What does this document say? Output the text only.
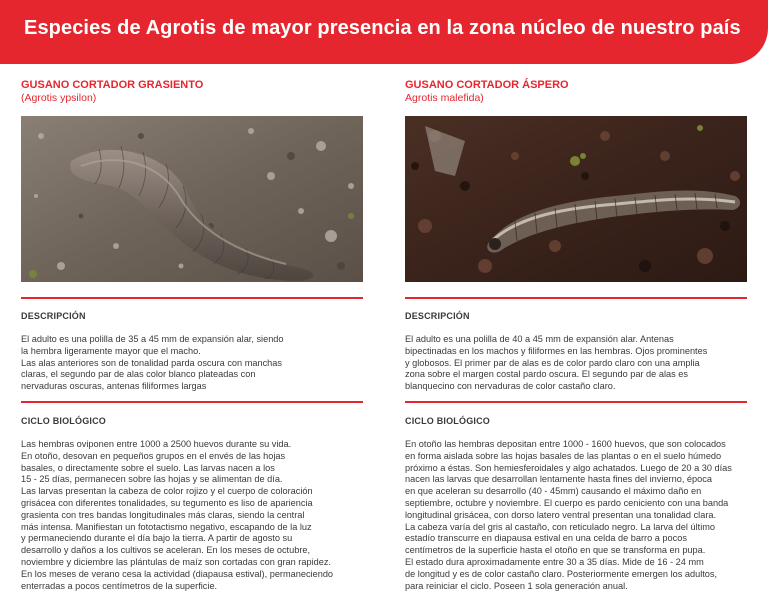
Especies de Agrotis de mayor presencia en la zona núcleo de nuestro país
GUSANO CORTADOR GRASIENTO
(Agrotis ypsilon)
DESCRIPCIÓN
El adulto es una polilla de 35 a 45 mm de expansión alar, siendo
la hembra ligeramente mayor que el macho.
Las alas anteriores son de tonalidad parda oscura con manchas
claras, el segundo par de alas color blanco plateadas con
nervaduras oscuras, antenas filiformes largas
CICLO BIOLÓGICO
Las hembras oviponen entre 1000 a 2500 huevos durante su vida.
En otoño, desovan en pequeños grupos en el envés de las hojas
basales, o directamente sobre el suelo. Las larvas nacen a los
15 - 25 días, permanecen sobre las hojas y se alimentan de día.
Las larvas presentan la cabeza de color rojizo y el cuerpo de coloración
grisácea con diferentes tonalidades, su tegumento es liso de apariencia
grasienta con tres bandas longitudinales más claras, siendo la central
más intensa. Manifiestan un fototactismo negativo, escapando de la luz
y permaneciendo durante el día bajo la tierra. A partir de agosto su
desarrollo y daños a los cultivos se aceleran. En los meses de octubre,
noviembre y diciembre las plántulas de maíz son cortadas con gran rapidez.
En los meses de verano cesa la actividad (diapausa estival), permaneciendo
enterradas a pocos centímetros de la superficie.
GUSANO CORTADOR ÁSPERO
Agrotis malefida)
DESCRIPCIÓN
El adulto es una polilla de 40 a 45 mm de expansión alar. Antenas
bipectinadas en los machos y filiformes en las hembras. Ojos prominentes
y globosos. El primer par de alas es de color pardo claro con una amplia
zona sobre el margen costal pardo oscura. El segundo par de alas es
blanquecino con nervaduras de color castaño claro.
CICLO BIOLÓGICO
En otoño las hembras depositan entre 1000 - 1600 huevos, que son colocados
en forma aislada sobre las hojas basales de las plantas o en el suelo húmedo
próximo a éstas. Son hemiesferoidales y algo achatados. Luego de 20 a 30 días
nacen las larvas que desarrollan lentamente hasta fines del invierno, época
en que aceleran su desarrollo (40 - 45mm) causando el máximo daño en
septiembre, octubre y noviembre. El cuerpo es pardo ceniciento con una banda
longitudinal grisácea, con dorso latero ventral presentan una tonalidad clara.
La cabeza varía del gris al castaño, con reticulado negro. La larva del último
estadío transcurre en diapausa estival en una celda de barro a pocos
centímetros de la superficie hasta el otoño en que se transforma en pupa.
El estado dura aproximadamente entre 30 a 35 días. Mide de 16 - 24 mm
de longitud y es de color castaño claro. Posteriormente emergen los adultos,
para reiniciar el ciclo. Poseen 1 sola generación anual.
